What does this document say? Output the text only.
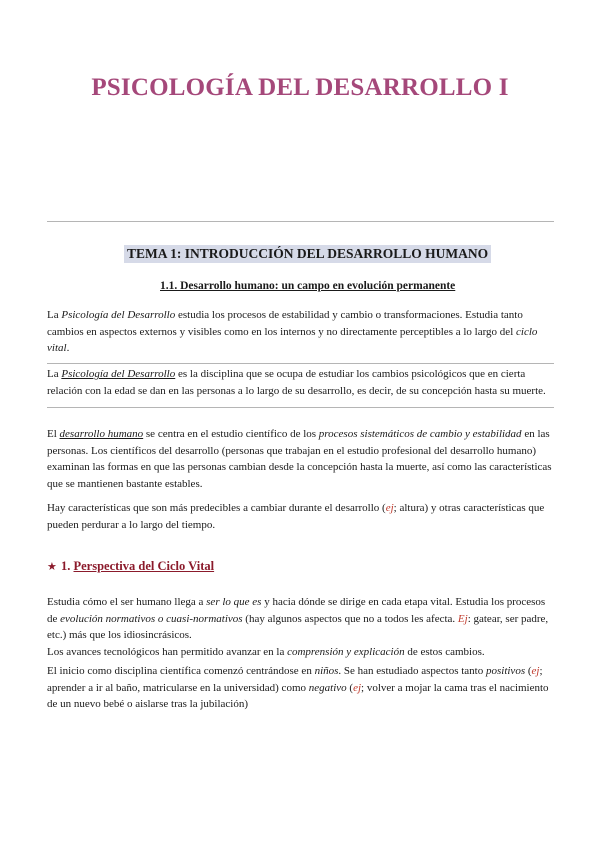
PSICOLOGÍA DEL DESARROLLO I
TEMA 1: INTRODUCCIÓN DEL DESARROLLO HUMANO
1.1. Desarrollo humano: un campo en evolución permanente

La Psicología del Desarrollo estudia los procesos de estabilidad y cambio o transformaciones. Estudia tanto cambios en aspectos externos y visibles como en los internos y no directamente perceptibles a lo largo del ciclo vital.

La Psicología del Desarrollo es la disciplina que se ocupa de estudiar los cambios psicológicos que en cierta relación con la edad se dan en las personas a lo largo de su desarrollo, es decir, de su concepción hasta su muerte.

El desarrollo humano se centra en el estudio científico de los procesos sistemáticos de cambio y estabilidad en las personas. Los científicos del desarrollo (personas que trabajan en el estudio profesional del desarrollo humano) examinan las formas en que las personas cambian desde la concepción hasta la muerte, así como las características que se mantienen bastante estables.

Hay características que son más predecibles a cambiar durante el desarrollo (ej; altura) y otras características que pueden perdurar a lo largo del tiempo.

★ 1. Perspectiva del Ciclo Vital

Estudia cómo el ser humano llega a ser lo que es y hacia dónde se dirige en cada etapa vital. Estudia los procesos de evolución normativos o cuasi-normativos (hay algunos aspectos que no a todos les afecta. Ej: gatear, ser padre, etc.) más que los idiosincrásicos.
Los avances tecnológicos han permitido avanzar en la comprensión y explicación de estos cambios.

El inicio como disciplina científica comenzó centrándose en niños. Se han estudiado aspectos tanto positivos (ej; aprender a ir al baño, matricularse en la universidad) como negativo (ej; volver a mojar la cama tras el nacimiento de un nuevo bebé o aislarse tras la jubilación)
